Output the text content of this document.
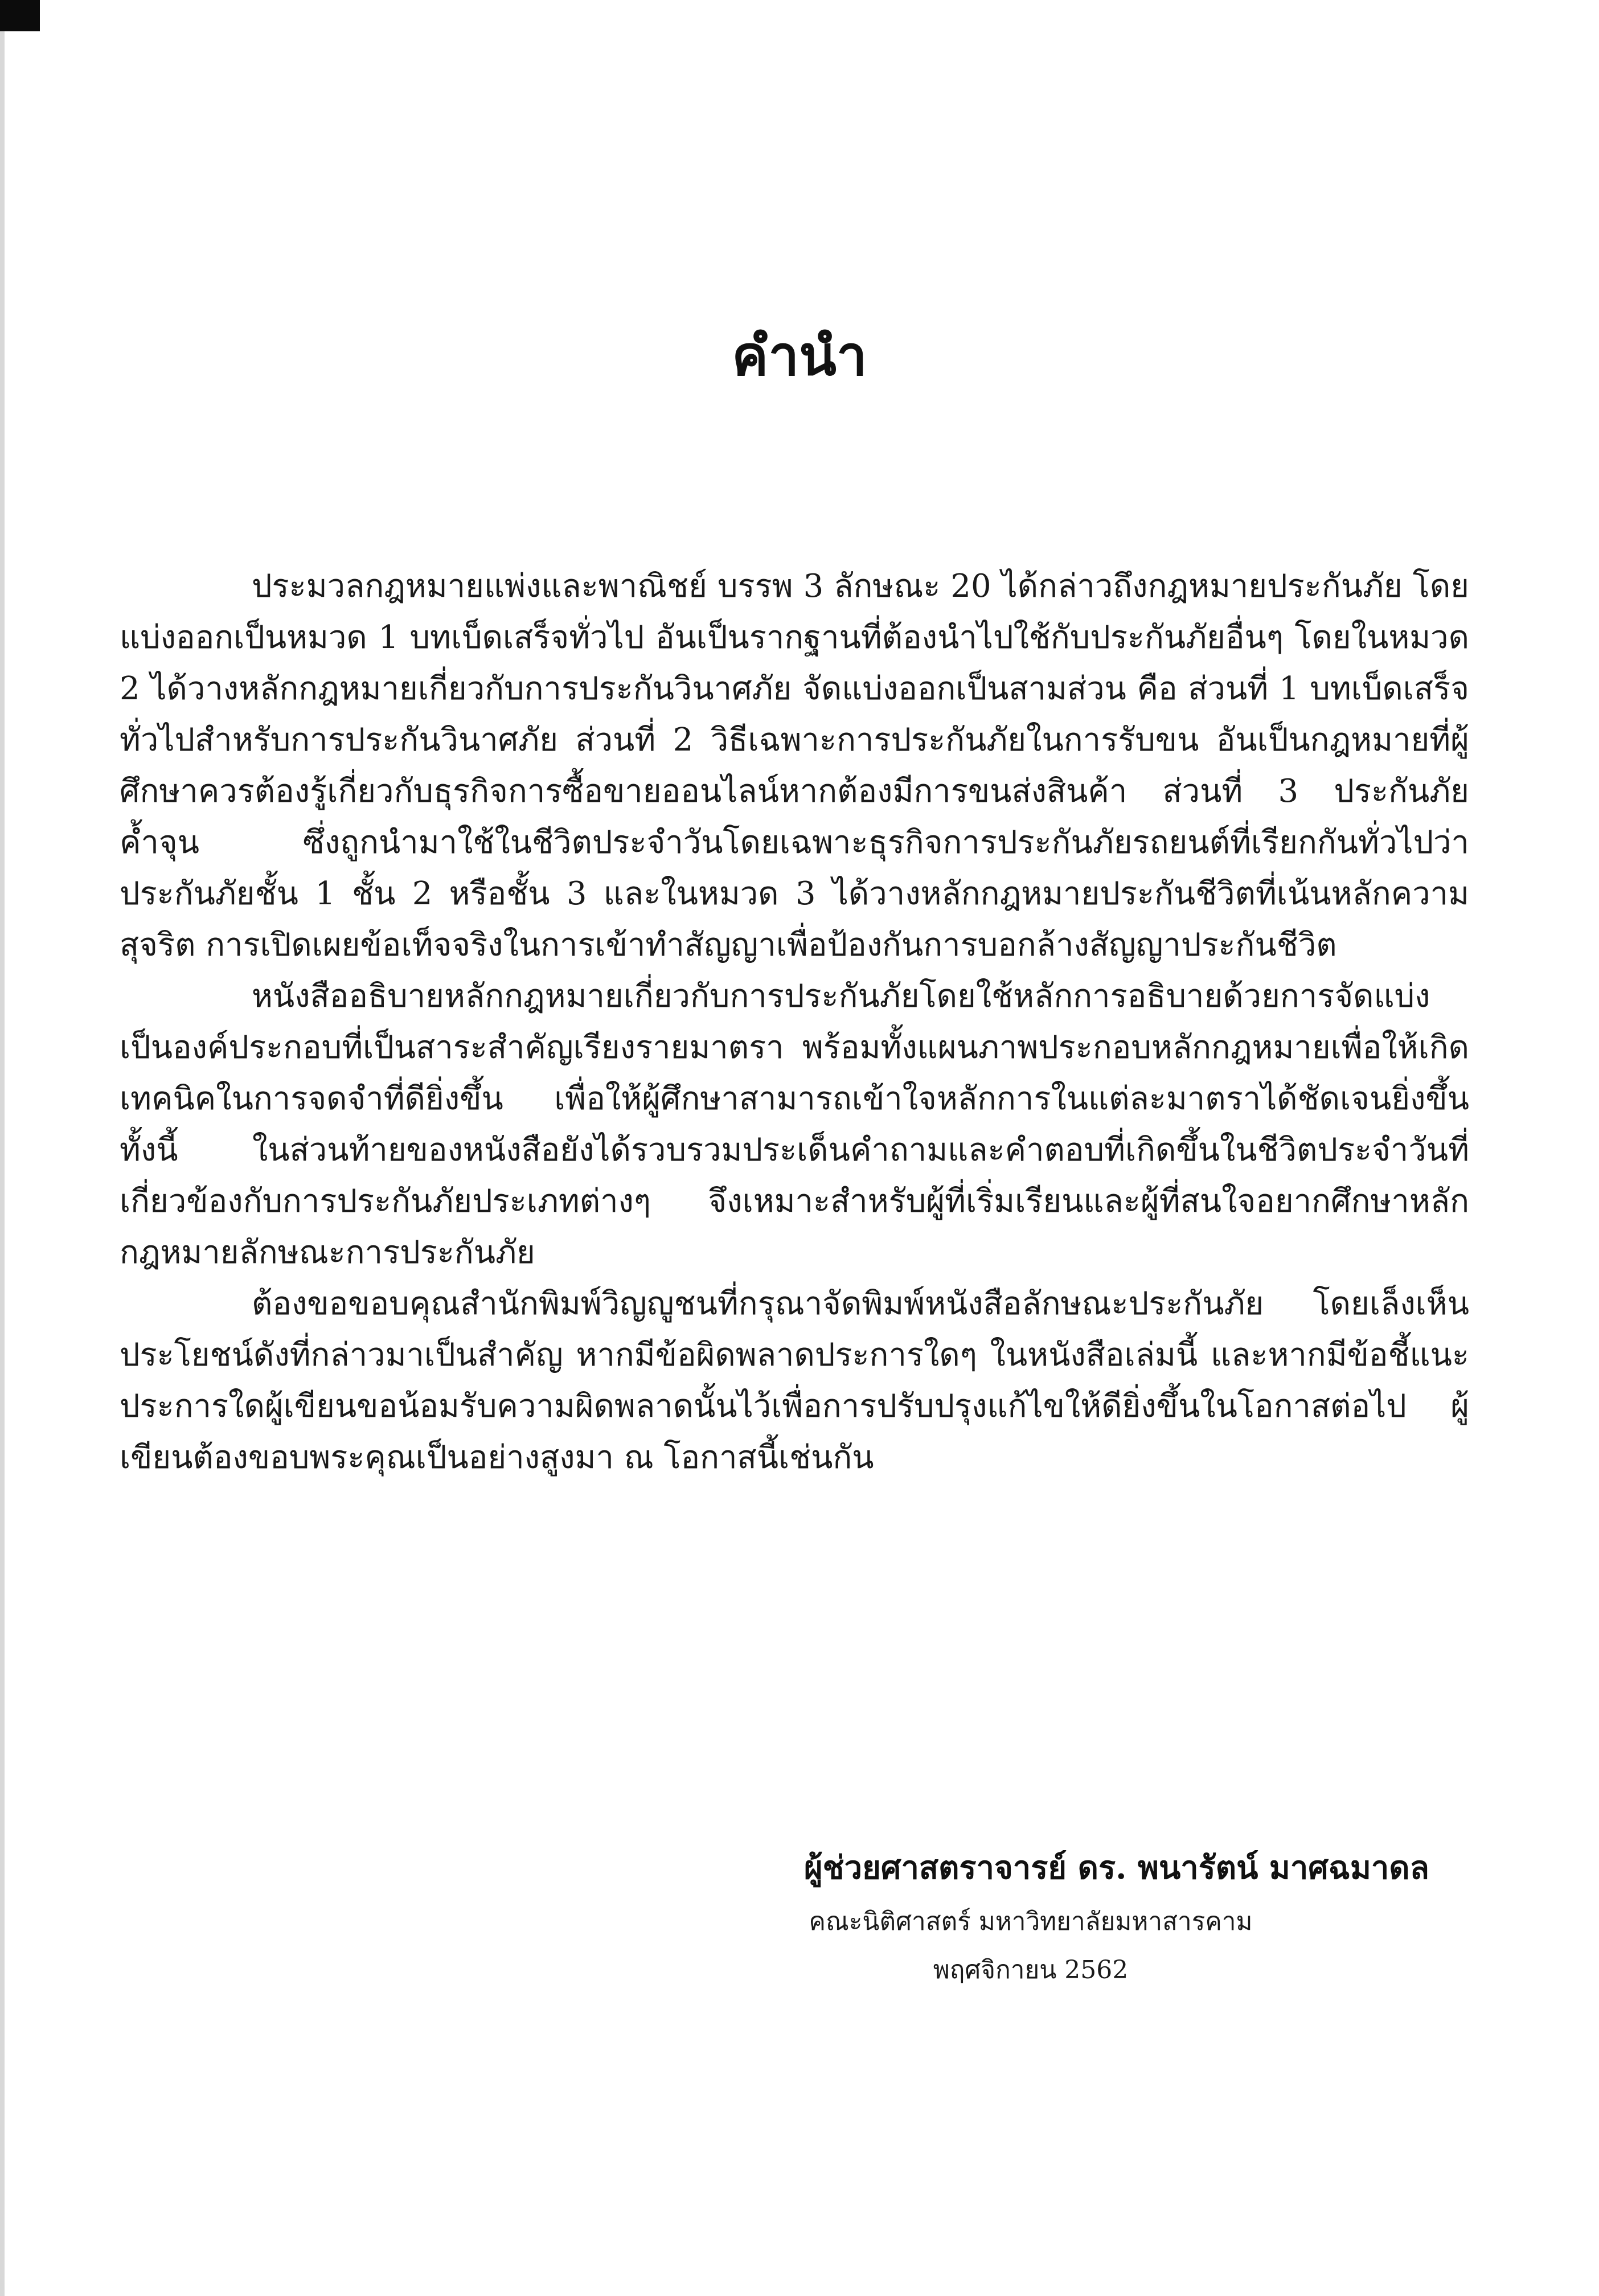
คำนำ

ประมวลกฎหมายแพ่งและพาณิชย์ บรรพ 3 ลักษณะ 20 ได้กล่าวถึงกฎหมายประกันภัย โดยแบ่งออกเป็นหมวด 1 บทเบ็ดเสร็จทั่วไป อันเป็นรากฐานที่ต้องนำไปใช้กับประกันภัยอื่นๆ โดยในหมวด 2 ได้วางหลักกฎหมายเกี่ยวกับการประกันวินาศภัย จัดแบ่งออกเป็นสามส่วน คือ ส่วนที่ 1 บทเบ็ดเสร็จทั่วไปสำหรับการประกันวินาศภัย ส่วนที่ 2 วิธีเฉพาะการประกันภัยในการรับขน อันเป็นกฎหมายที่ผู้ศึกษาควรต้องรู้เกี่ยวกับธุรกิจการซื้อขายออนไลน์หากต้องมีการขนส่งสินค้า ส่วนที่ 3 ประกันภัยค้ำจุน ซึ่งถูกนำมาใช้ในชีวิตประจำวันโดยเฉพาะธุรกิจการประกันภัยรถยนต์ที่เรียกกันทั่วไปว่าประกันภัยชั้น 1 ชั้น 2 หรือชั้น 3 และในหมวด 3 ได้วางหลักกฎหมายประกันชีวิตที่เน้นหลักความสุจริต การเปิดเผยข้อเท็จจริงในการเข้าทำสัญญาเพื่อป้องกันการบอกล้างสัญญาประกันชีวิต

หนังสืออธิบายหลักกฎหมายเกี่ยวกับการประกันภัยโดยใช้หลักการอธิบายด้วยการจัดแบ่งเป็นองค์ประกอบที่เป็นสาระสำคัญเรียงรายมาตรา พร้อมทั้งแผนภาพประกอบหลักกฎหมายเพื่อให้เกิดเทคนิคในการจดจำที่ดียิ่งขึ้น เพื่อให้ผู้ศึกษาสามารถเข้าใจหลักการในแต่ละมาตราได้ชัดเจนยิ่งขึ้น ทั้งนี้ ในส่วนท้ายของหนังสือยังได้รวบรวมประเด็นคำถามและคำตอบที่เกิดขึ้นในชีวิตประจำวันที่เกี่ยวข้องกับการประกันภัยประเภทต่างๆ จึงเหมาะสำหรับผู้ที่เริ่มเรียนและผู้ที่สนใจอยากศึกษาหลักกฎหมายลักษณะการประกันภัย

ต้องขอขอบคุณสำนักพิมพ์วิญญูชนที่กรุณาจัดพิมพ์หนังสือลักษณะประกันภัย โดยเล็งเห็นประโยชน์ดังที่กล่าวมาเป็นสำคัญ หากมีข้อผิดพลาดประการใดๆ ในหนังสือเล่มนี้ และหากมีข้อชี้แนะประการใดผู้เขียนขอน้อมรับความผิดพลาดนั้นไว้เพื่อการปรับปรุงแก้ไขให้ดียิ่งขึ้นในโอกาสต่อไป ผู้เขียนต้องขอบพระคุณเป็นอย่างสูงมา ณ โอกาสนี้เช่นกัน

ผู้ช่วยศาสตราจารย์ ดร. พนารัตน์ มาศฉมาดล
คณะนิติศาสตร์ มหาวิทยาลัยมหาสารคาม
พฤศจิกายน 2562
